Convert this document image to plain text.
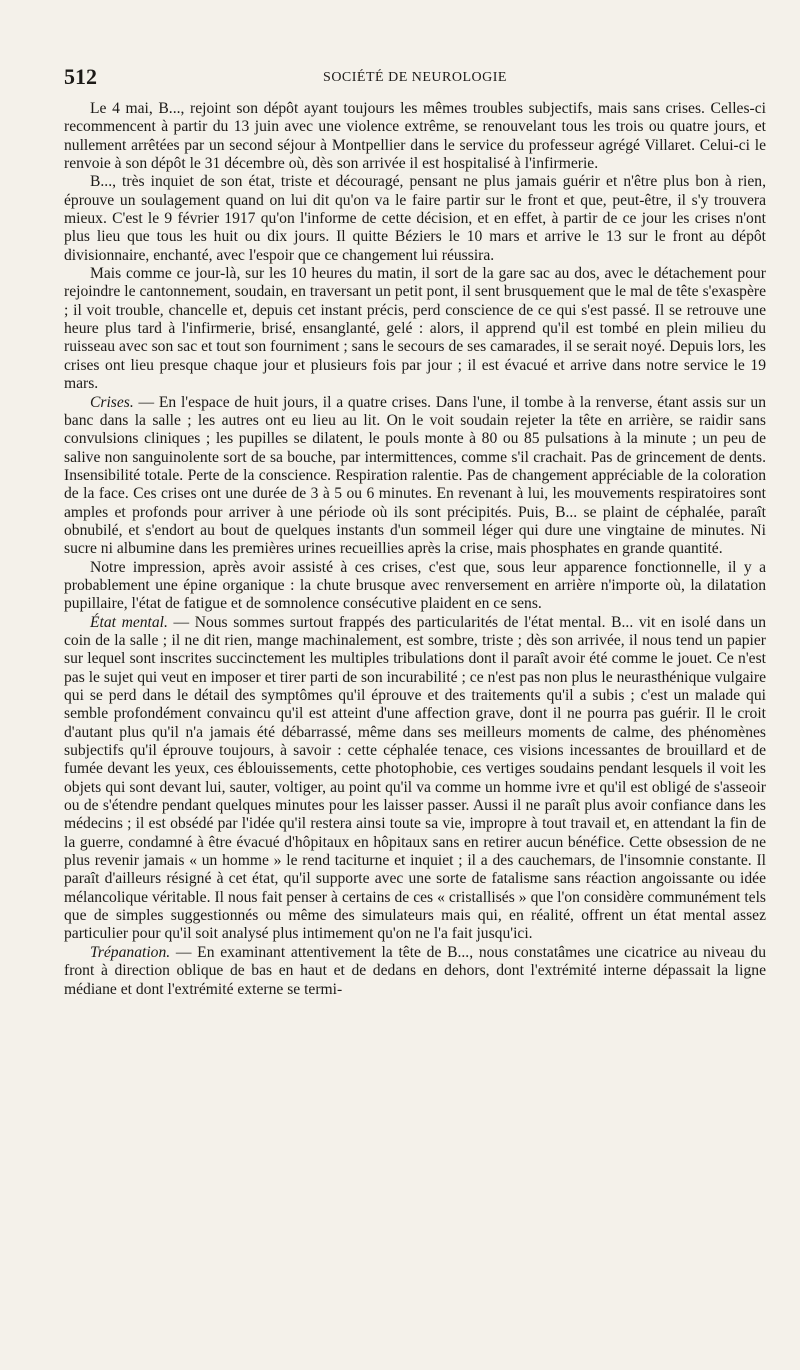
512	SOCIÉTÉ DE NEUROLOGIE

Le 4 mai, B..., rejoint son dépôt ayant toujours les mêmes troubles subjectifs, mais sans crises. Celles-ci recommencent à partir du 13 juin avec une violence extrême, se renouvelant tous les trois ou quatre jours, et nullement arrêtées par un second séjour à Montpellier dans le service du professeur agrégé Villaret. Celui-ci le renvoie à son dépôt le 31 décembre où, dès son arrivée il est hospitalisé à l'infirmerie.

B..., très inquiet de son état, triste et découragé, pensant ne plus jamais guérir et n'être plus bon à rien, éprouve un soulagement quand on lui dit qu'on va le faire partir sur le front et que, peut-être, il s'y trouvera mieux. C'est le 9 février 1917 qu'on l'informe de cette décision, et en effet, à partir de ce jour les crises n'ont plus lieu que tous les huit ou dix jours. Il quitte Béziers le 10 mars et arrive le 13 sur le front au dépôt divisionnaire, enchanté, avec l'espoir que ce changement lui réussira.

Mais comme ce jour-là, sur les 10 heures du matin, il sort de la gare sac au dos, avec le détachement pour rejoindre le cantonnement, soudain, en traversant un petit pont, il sent brusquement que le mal de tête s'exaspère ; il voit trouble, chancelle et, depuis cet instant précis, perd conscience de ce qui s'est passé. Il se retrouve une heure plus tard à l'infirmerie, brisé, ensanglanté, gelé : alors, il apprend qu'il est tombé en plein milieu du ruisseau avec son sac et tout son fourniment ; sans le secours de ses camarades, il se serait noyé. Depuis lors, les crises ont lieu presque chaque jour et plusieurs fois par jour ; il est évacué et arrive dans notre service le 19 mars.

Crises. — En l'espace de huit jours, il a quatre crises. Dans l'une, il tombe à la renverse, étant assis sur un banc dans la salle ; les autres ont eu lieu au lit. On le voit soudain rejeter la tête en arrière, se raidir sans convulsions cliniques ; les pupilles se dilatent, le pouls monte à 80 ou 85 pulsations à la minute ; un peu de salive non sanguinolente sort de sa bouche, par intermittences, comme s'il crachait. Pas de grincement de dents. Insensibilité totale. Perte de la conscience. Respiration ralentie. Pas de changement appréciable de la coloration de la face. Ces crises ont une durée de 3 à 5 ou 6 minutes. En revenant à lui, les mouvements respiratoires sont amples et profonds pour arriver à une période où ils sont précipités. Puis, B... se plaint de céphalée, paraît obnubilé, et s'endort au bout de quelques instants d'un sommeil léger qui dure une vingtaine de minutes. Ni sucre ni albumine dans les premières urines recueillies après la crise, mais phosphates en grande quantité.

Notre impression, après avoir assisté à ces crises, c'est que, sous leur apparence fonctionnelle, il y a probablement une épine organique : la chute brusque avec renversement en arrière n'importe où, la dilatation pupillaire, l'état de fatigue et de somnolence consécutive plaident en ce sens.

État mental. — Nous sommes surtout frappés des particularités de l'état mental. B... vit en isolé dans un coin de la salle ; il ne dit rien, mange machinalement, est sombre, triste ; dès son arrivée, il nous tend un papier sur lequel sont inscrites succinctement les multiples tribulations dont il paraît avoir été comme le jouet. Ce n'est pas le sujet qui veut en imposer et tirer parti de son incurabilité ; ce n'est pas non plus le neurasthénique vulgaire qui se perd dans le détail des symptômes qu'il éprouve et des traitements qu'il a subis ; c'est un malade qui semble profondément convaincu qu'il est atteint d'une affection grave, dont il ne pourra pas guérir. Il le croit d'autant plus qu'il n'a jamais été débarrassé, même dans ses meilleurs moments de calme, des phénomènes subjectifs qu'il éprouve toujours, à savoir : cette céphalée tenace, ces visions incessantes de brouillard et de fumée devant les yeux, ces éblouissements, cette photophobie, ces vertiges soudains pendant lesquels il voit les objets qui sont devant lui, sauter, voltiger, au point qu'il va comme un homme ivre et qu'il est obligé de s'asseoir ou de s'étendre pendant quelques minutes pour les laisser passer. Aussi il ne paraît plus avoir confiance dans les médecins ; il est obsédé par l'idée qu'il restera ainsi toute sa vie, impropre à tout travail et, en attendant la fin de la guerre, condamné à être évacué d'hôpitaux en hôpitaux sans en retirer aucun bénéfice. Cette obsession de ne plus revenir jamais « un homme » le rend taciturne et inquiet ; il a des cauchemars, de l'insomnie constante. Il paraît d'ailleurs résigné à cet état, qu'il supporte avec une sorte de fatalisme sans réaction angoissante ou idée mélancolique véritable. Il nous fait penser à certains de ces « cristallisés » que l'on considère communément tels que de simples suggestionnés ou même des simulateurs mais qui, en réalité, offrent un état mental assez particulier pour qu'il soit analysé plus intimement qu'on ne l'a fait jusqu'ici.

Trépanation. — En examinant attentivement la tête de B..., nous constatâmes une cicatrice au niveau du front à direction oblique de bas en haut et de dedans en dehors, dont l'extrémité interne dépassait la ligne médiane et dont l'extrémité externe se termi-
